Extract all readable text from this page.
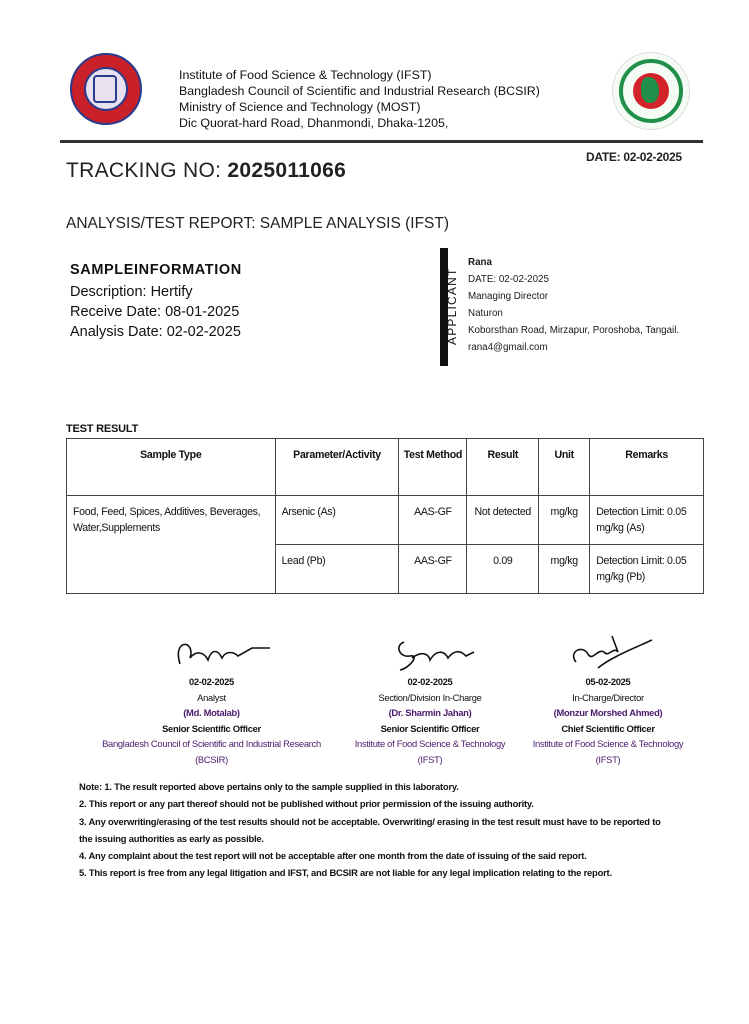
Institute of Food Science & Technology (IFST)
Bangladesh Council of Scientific and Industrial Research (BCSIR)
Ministry of Science and Technology (MOST)
Dic Quorat-hard Road, Dhanmondi, Dhaka-1205,
DATE: 02-02-2025
TRACKING NO: 2025011066
ANALYSIS/TEST REPORT: SAMPLE ANALYSIS (IFST)
SAMPLEINFORMATION
Description: Hertify
Receive Date: 08-01-2025
Analysis Date: 02-02-2025	APPLICANT
Rana
DATE: 02-02-2025
Managing Director
Naturon
Koborsthan Road, Mirzapur, Poroshoba, Tangail.
rana4@gmail.com
TEST RESULT
Sample Type	Parameter/Activity	Test Method	Result	Unit	Remarks
Food, Feed, Spices, Additives, Beverages, Water,Supplements	Arsenic (As)	AAS-GF	Not detected	mg/kg	Detection Limit: 0.05 mg/kg (As)
	Lead (Pb)	AAS-GF	0.09	mg/kg	Detection Limit: 0.05 mg/kg (Pb)
02-02-2025
Analyst
(Md. Motalab)
Senior Scientific Officer
Bangladesh Council of Scientific and Industrial Research
(BCSIR)
02-02-2025
Section/Division In-Charge
(Dr. Sharmin Jahan)
Senior Scientific Officer
Institute of Food Science & Technology
(IFST)
05-02-2025
In-Charge/Director
(Monzur Morshed Ahmed)
Chief Scientific Officer
Institute of Food Science & Technology
(IFST)
Note: 1. The result reported above pertains only to the sample supplied in this laboratory.
2. This report or any part thereof should not be published without prior permission of the issuing authority.
3. Any overwriting/erasing of the test results should not be acceptable. Overwriting/ erasing in the test result must have to be reported to
the issuing authorities as early as possible.
4. Any complaint about the test report will not be acceptable after one month from the date of issuing of the said report.
5. This report is free from any legal litigation and IFST, and BCSIR are not liable for any legal implication relating to the report.
